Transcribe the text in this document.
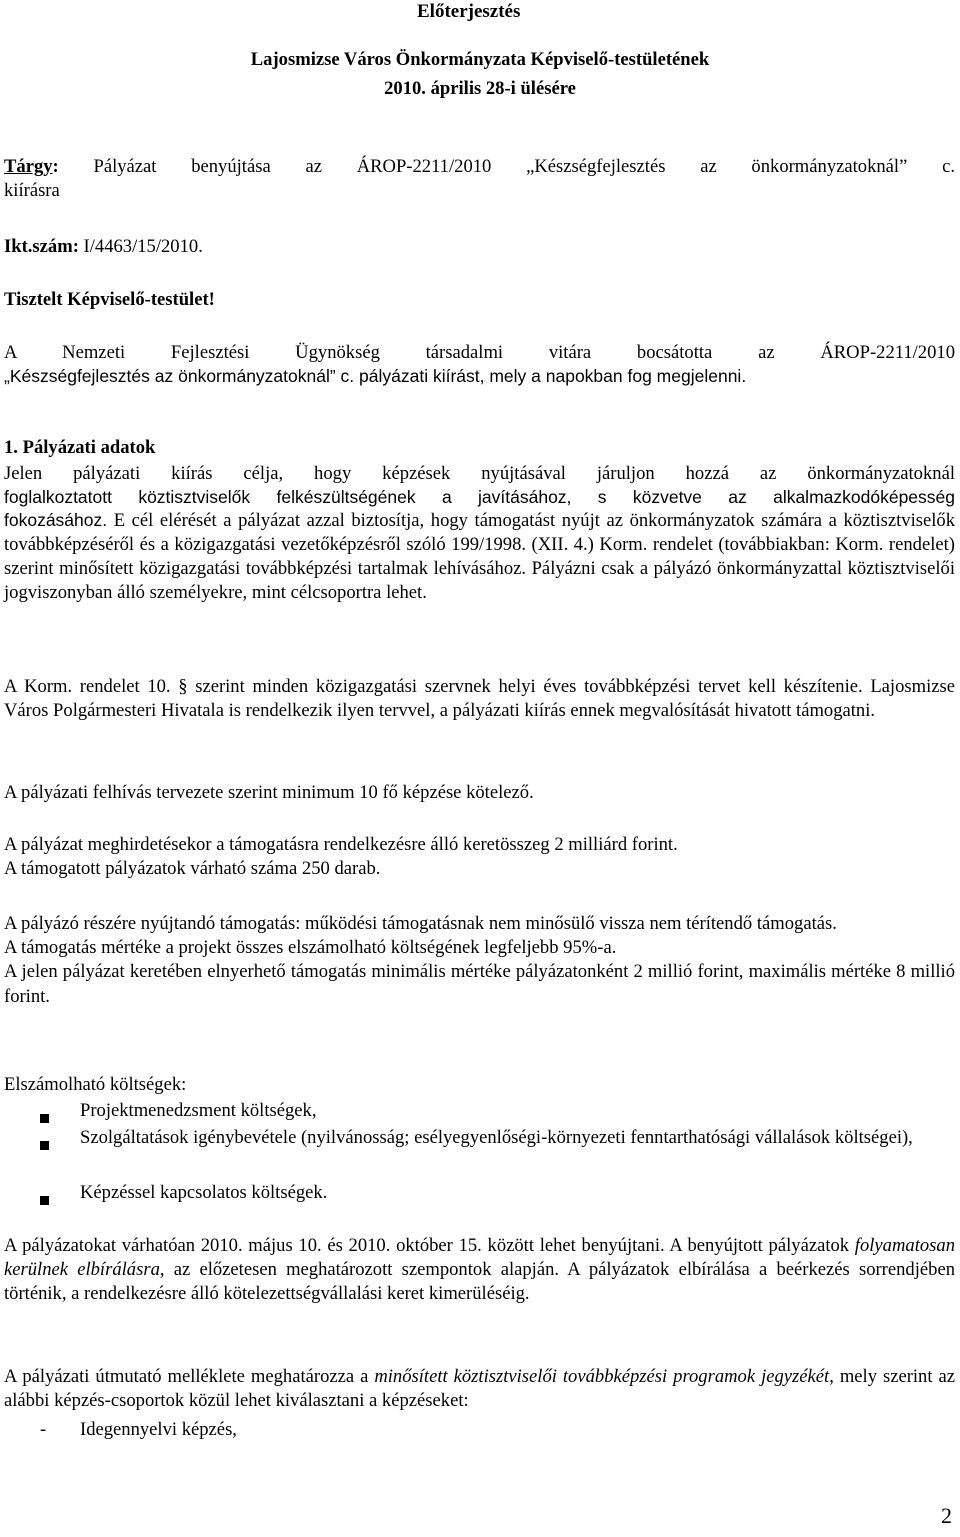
Előterjesztés
Lajosmizse Város Önkormányzata Képviselő-testületének
2010. április 28-i ülésére

Tárgy: Pályázat benyújtása az ÁROP-2211/2010 „Készségfejlesztés az önkormányzatoknál” c.

kiírásra

Ikt.szám: I/4463/15/2010.
Tisztelt Képviselő-testület!

A Nemzeti Fejlesztési Ügynökség társadalmi vitára bocsátotta az ÁROP-2211/2010

„Készségfejlesztés az önkormányzatoknál” c. pályázati kiírást, mely a napokban fog megjelenni.

1. Pályázati adatok

Jelen pályázati kiírás célja, hogy képzések nyújtásával járuljon hozzá az önkormányzatoknál

foglalkoztatott köztisztviselők felkészültségének a javításához, s közvetve az alkalmazkodóképesség

fokozásához. E cél elérését a pályázat azzal biztosítja, hogy támogatást nyújt az önkormányzatok számára a köztisztviselők továbbképzéséről és a közigazgatási vezetőképzésről szóló 199/1998. (XII. 4.) Korm. rendelet (továbbiakban: Korm. rendelet) szerint minősített közigazgatási továbbképzési tartalmak lehívásához. Pályázni csak a pályázó önkormányzattal köztisztviselői jogviszonyban álló személyekre, mint célcsoportra lehet.

A Korm. rendelet 10. § szerint minden közigazgatási szervnek helyi éves továbbképzési tervet kell készítenie. Lajosmizse Város Polgármesteri Hivatala is rendelkezik ilyen tervvel, a pályázati kiírás ennek megvalósítását hivatott támogatni.
A pályázati felhívás tervezete szerint minimum 10 fő képzése kötelező.

A pályázat meghirdetésekor a támogatásra rendelkezésre álló keretösszeg 2 milliárd forint.

A támogatott pályázatok várható száma 250 darab.

A pályázó részére nyújtandó támogatás: működési támogatásnak nem minősülő vissza nem térítendő támogatás.

A támogatás mértéke a projekt összes elszámolható költségének legfeljebb 95%-a.

A jelen pályázat keretében elnyerhető támogatás minimális mértéke pályázatonként 2 millió forint, maximális mértéke 8 millió forint.

Elszámolható költségek:
Projektmenedzsment költségek,
Szolgáltatások igénybevétele (nyilvánosság; esélyegyenlőségi-környezeti fenntarthatósági vállalások költségei),
Képzéssel kapcsolatos költségek.
A pályázatokat várhatóan 2010. május 10. és 2010. október 15. között lehet benyújtani. A benyújtott pályázatok folyamatosan kerülnek elbírálásra, az előzetesen meghatározott szempontok alapján. A pályázatok elbírálása a beérkezés sorrendjében történik, a rendelkezésre álló kötelezettségvállalási keret kimerüléséig.
A pályázati útmutató melléklete meghatározza a minősített köztisztviselői továbbképzési programok jegyzékét, mely szerint az alábbi képzés-csoportok közül lehet kiválasztani a képzéseket:
- Idegennyelvi képzés,
2
